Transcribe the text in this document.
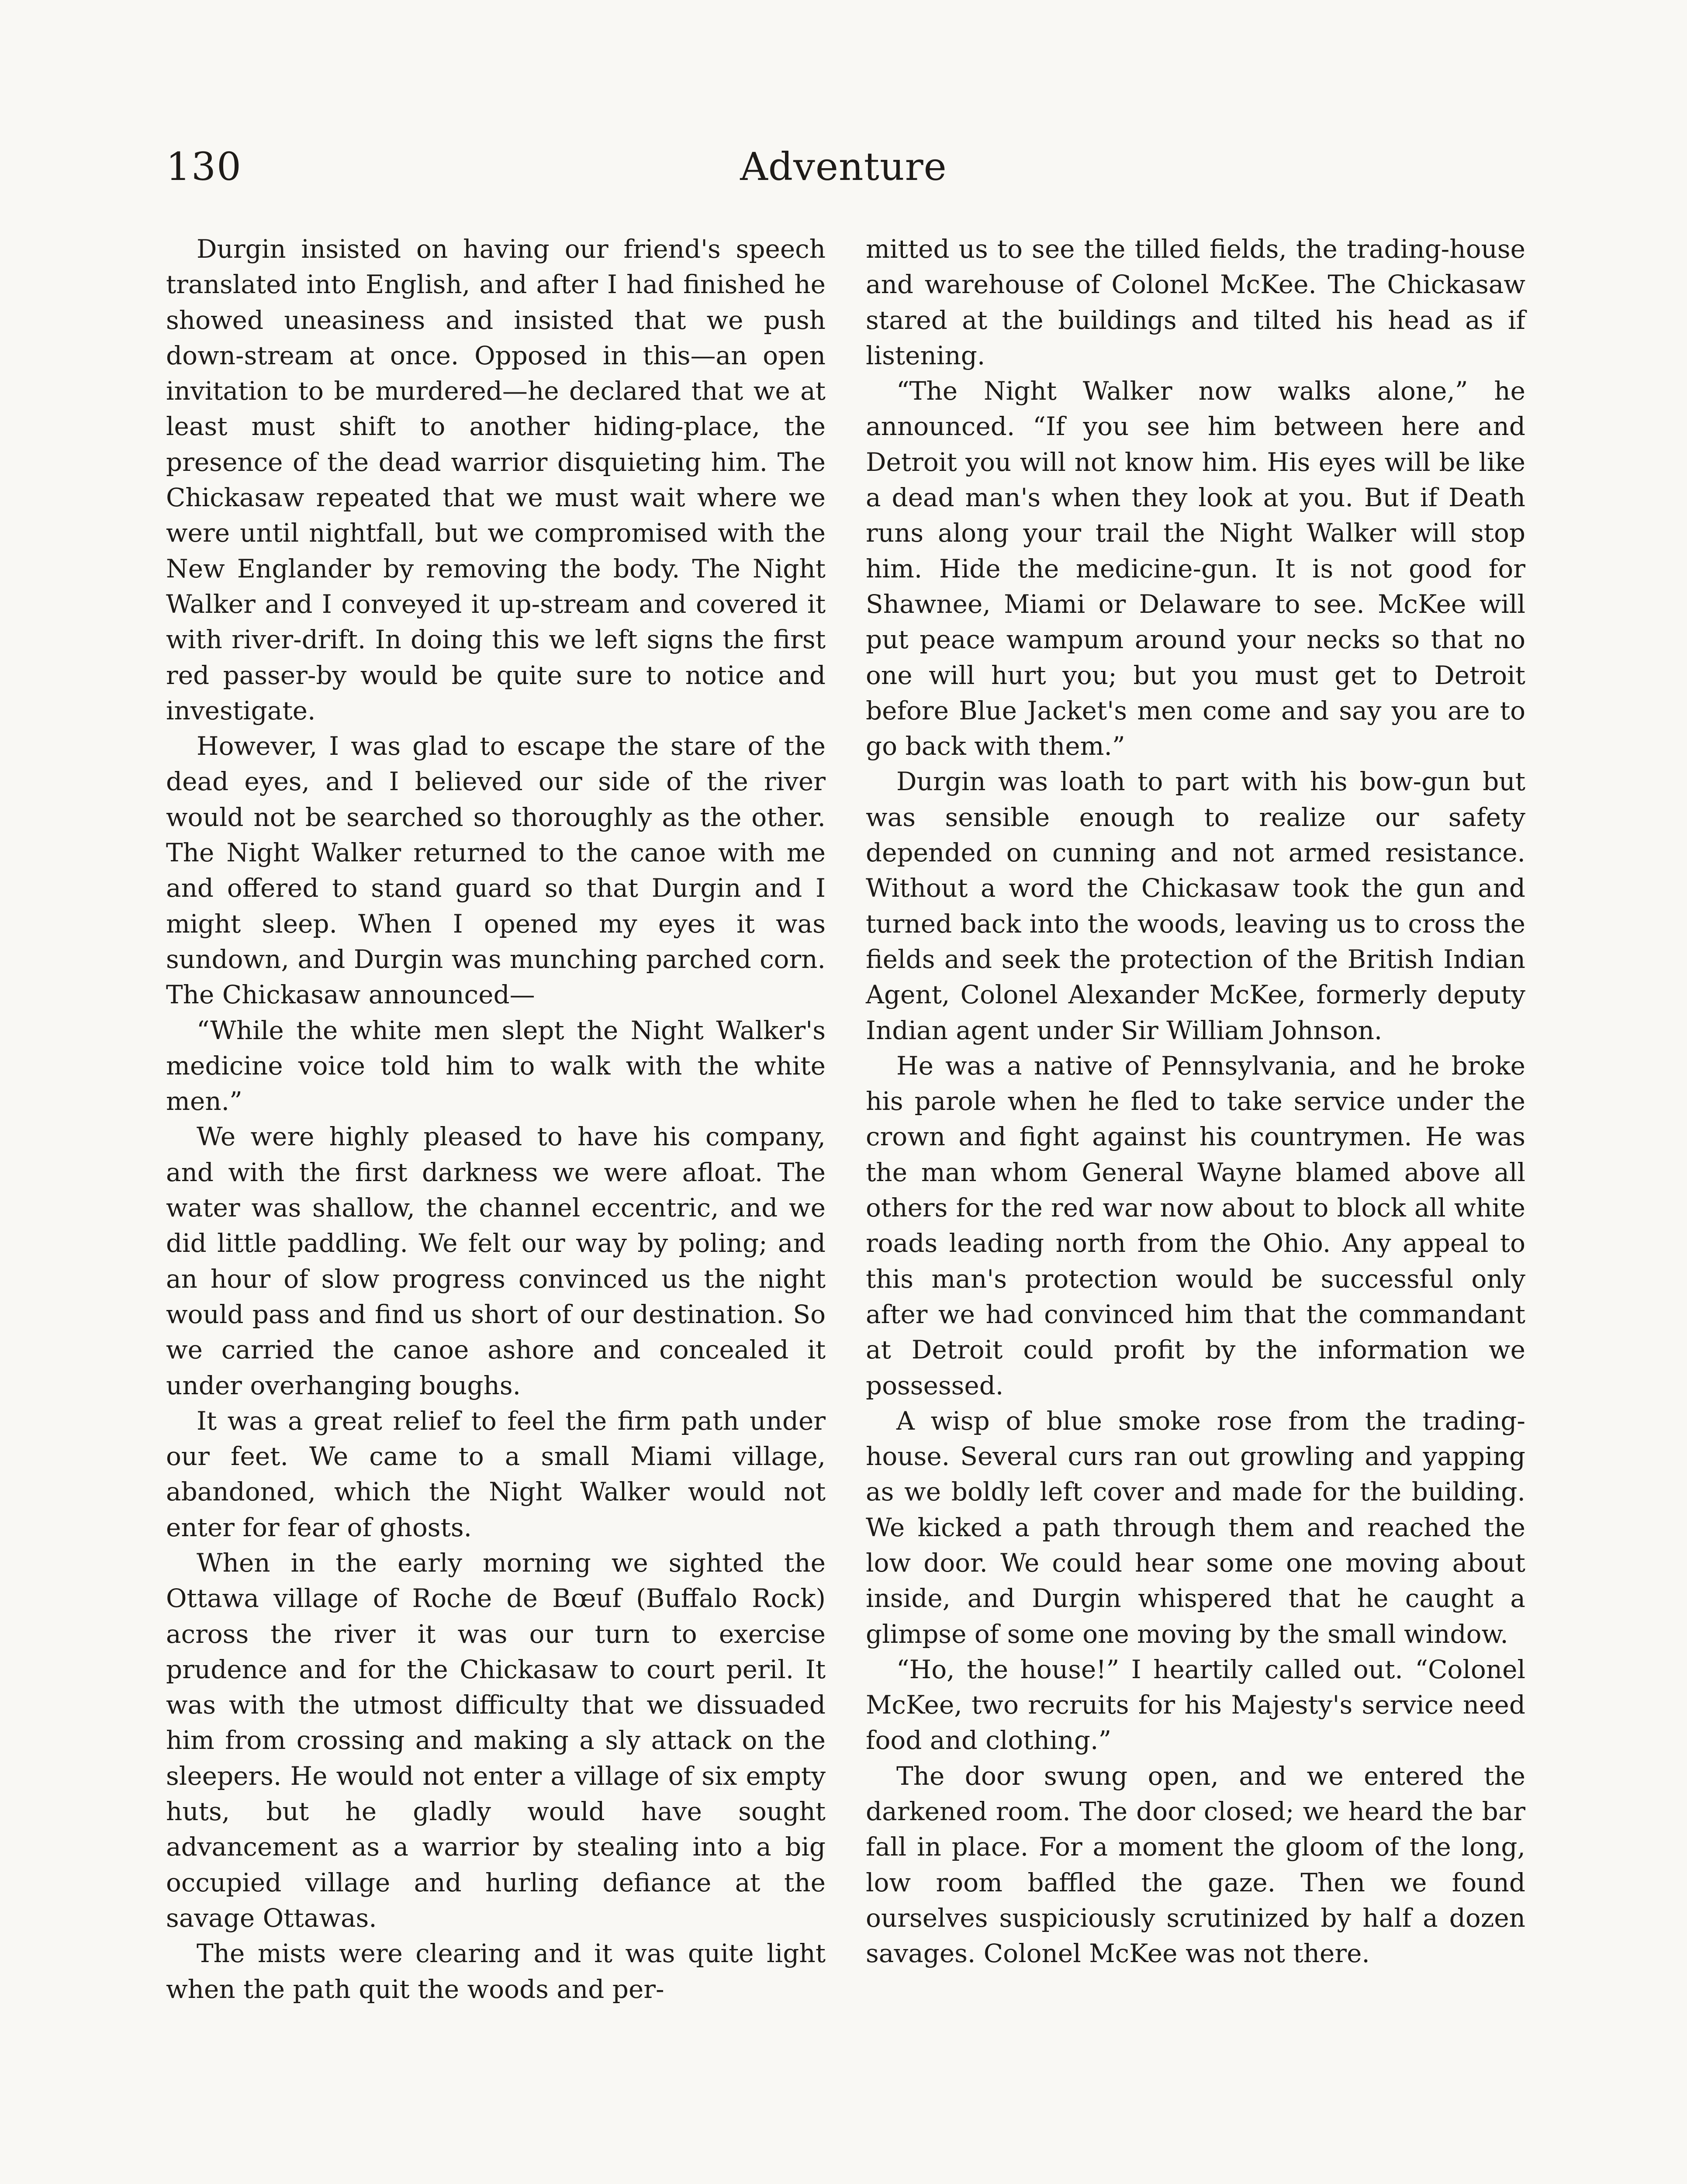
130	Adventure

Durgin insisted on having our friend's speech translated into English, and after I had finished he showed uneasiness and insisted that we push down-stream at once. Opposed in this—an open invitation to be murdered—he declared that we at least must shift to another hiding-place, the presence of the dead warrior disquieting him. The Chickasaw repeated that we must wait where we were until nightfall, but we compromised with the New Englander by removing the body. The Night Walker and I conveyed it up-stream and covered it with river-drift. In doing this we left signs the first red passer-by would be quite sure to notice and investigate.

However, I was glad to escape the stare of the dead eyes, and I believed our side of the river would not be searched so thoroughly as the other. The Night Walker returned to the canoe with me and offered to stand guard so that Durgin and I might sleep. When I opened my eyes it was sundown, and Durgin was munching parched corn. The Chickasaw announced—

“While the white men slept the Night Walker's medicine voice told him to walk with the white men.”

We were highly pleased to have his company, and with the first darkness we were afloat. The water was shallow, the channel eccentric, and we did little paddling. We felt our way by poling; and an hour of slow progress convinced us the night would pass and find us short of our destination. So we carried the canoe ashore and concealed it under overhanging boughs.

It was a great relief to feel the firm path under our feet. We came to a small Miami village, abandoned, which the Night Walker would not enter for fear of ghosts.

When in the early morning we sighted the Ottawa village of Roche de Bœuf (Buffalo Rock) across the river it was our turn to exercise prudence and for the Chickasaw to court peril. It was with the utmost difficulty that we dissuaded him from crossing and making a sly attack on the sleepers. He would not enter a village of six empty huts, but he gladly would have sought advancement as a warrior by stealing into a big occupied village and hurling defiance at the savage Ottawas.

The mists were clearing and it was quite light when the path quit the woods and per-

mitted us to see the tilled fields, the trading-house and warehouse of Colonel McKee. The Chickasaw stared at the buildings and tilted his head as if listening.

“The Night Walker now walks alone,” he announced. “If you see him between here and Detroit you will not know him. His eyes will be like a dead man's when they look at you. But if Death runs along your trail the Night Walker will stop him. Hide the medicine-gun. It is not good for Shawnee, Miami or Delaware to see. McKee will put peace wampum around your necks so that no one will hurt you; but you must get to Detroit before Blue Jacket's men come and say you are to go back with them.”

Durgin was loath to part with his bow-gun but was sensible enough to realize our safety depended on cunning and not armed resistance. Without a word the Chickasaw took the gun and turned back into the woods, leaving us to cross the fields and seek the protection of the British Indian Agent, Colonel Alexander McKee, formerly deputy Indian agent under Sir William Johnson.

He was a native of Pennsylvania, and he broke his parole when he fled to take service under the crown and fight against his countrymen. He was the man whom General Wayne blamed above all others for the red war now about to block all white roads leading north from the Ohio. Any appeal to this man's protection would be successful only after we had convinced him that the commandant at Detroit could profit by the information we possessed.

A wisp of blue smoke rose from the trading-house. Several curs ran out growling and yapping as we boldly left cover and made for the building. We kicked a path through them and reached the low door. We could hear some one moving about inside, and Durgin whispered that he caught a glimpse of some one moving by the small window.

“Ho, the house!” I heartily called out. “Colonel McKee, two recruits for his Majesty's service need food and clothing.”

The door swung open, and we entered the darkened room. The door closed; we heard the bar fall in place. For a moment the gloom of the long, low room baffled the gaze. Then we found ourselves suspiciously scrutinized by half a dozen savages. Colonel McKee was not there.
